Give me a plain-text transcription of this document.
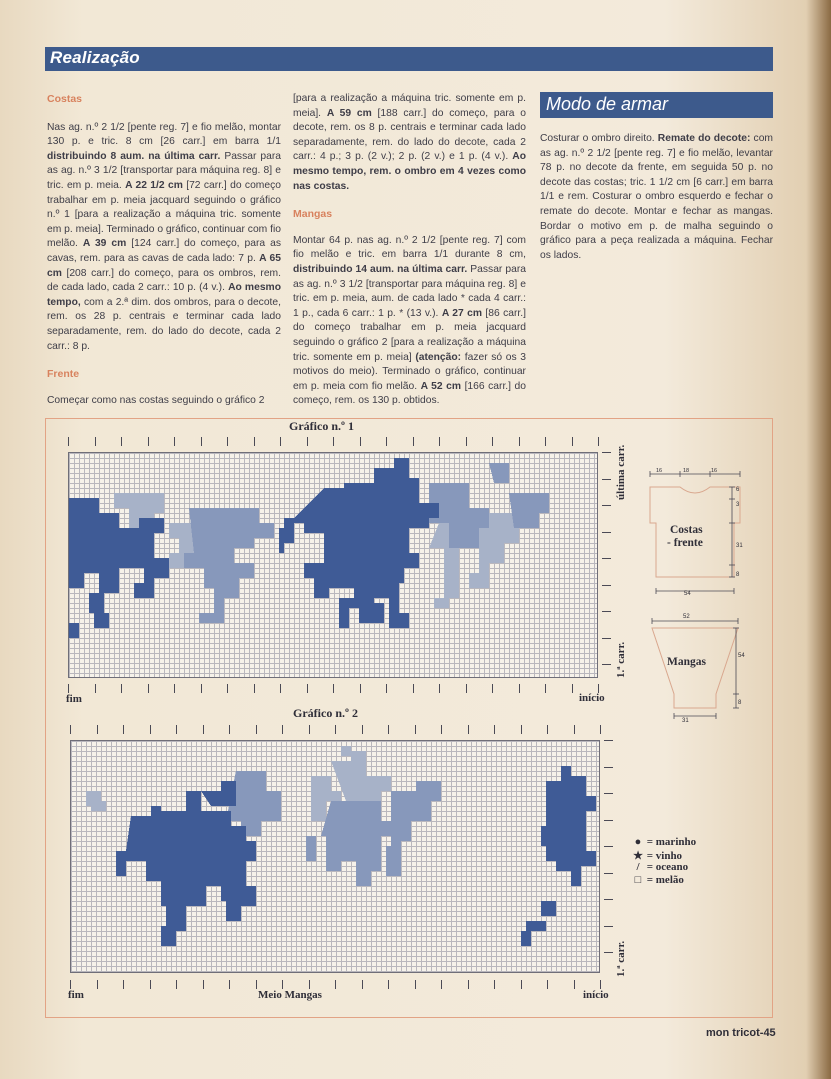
Realização
Modo de armar

Costas

Nas ag. n.º 2 1/2 [pente reg. 7] e fio melão, montar 130 p. e tric. 8 cm [26 carr.] em barra 1/1 distribuindo 8 aum. na última carr. Passar para as ag. n.º 3 1/2 [transportar para máquina reg. 8] e tric. em p. meia. A 22 1/2 cm [72 carr.] do começo trabalhar em p. meia jacquard seguindo o gráfico n.º 1 [para a realização a máquina tric. somente em p. meia]. Terminado o gráfico, continuar com fio melão. A 39 cm [124 carr.] do começo, para as cavas, rem. para as cavas de cada lado: 7 p. A 65 cm [208 carr.] do começo, para os ombros, rem. de cada lado, cada 2 carr.: 10 p. (4 v.). Ao mesmo tempo, com a 2.ª dim. dos ombros, para o decote, rem. os 28 p. centrais e terminar cada lado separadamente, rem. do lado do decote, cada 2 carr.: 8 p.

Frente

Começar como nas costas seguindo o gráfico 2

[para a realização a máquina tric. somente em p. meia]. A 59 cm [188 carr.] do começo, para o decote, rem. os 8 p. centrais e terminar cada lado separadamente, rem. do lado do decote, cada 2 carr.: 4 p.; 3 p. (2 v.); 2 p. (2 v.) e 1 p. (4 v.). Ao mesmo tempo, rem. o ombro em 4 vezes como nas costas.

Mangas

Montar 64 p. nas ag. n.º 2 1/2 [pente reg. 7] com fio melão e tric. em barra 1/1 durante 8 cm, distribuindo 14 aum. na última carr. Passar para as ag. n.º 3 1/2 [transportar para máquina reg. 8] e tric. em p. meia, aum. de cada lado * cada 4 carr.: 1 p., cada 6 carr.: 1 p. * (13 v.). A 27 cm [86 carr.] do começo trabalhar em p. meia jacquard seguindo o gráfico 2 [para a realização a máquina tric. somente em p. meia] (atenção: fazer só os 3 motivos do meio). Terminado o gráfico, continuar em p. meia com fio melão. A 52 cm [166 carr.] do começo, rem. os 130 p. obtidos.

Costurar o ombro direito. Remate do decote: com as ag. n.º 2 1/2 [pente reg. 7] e fio melão, levantar 78 p. no decote da frente, em seguida 50 p. no decote das costas; tric. 1 1/2 cm [6 carr.] em barra 1/1 e rem. Costurar o ombro esquerdo e fechar o remate do decote. Montar e fechar as mangas. Bordar o motivo em p. de malha seguindo o gráfico para a peça realizada a máquina. Fechar os lados.

Gráfico n.º 1
fim	início
última carr.
1.ª carr.
Gráfico n.º 2
fim	Meio Mangas	início
1.ª carr.
16	18	16
6
3
31
8
54
Costas
- frente
52
54
8
31
Mangas
● = marinho
★ = vinho
/ = oceano
□ = melão
mon tricot-45
